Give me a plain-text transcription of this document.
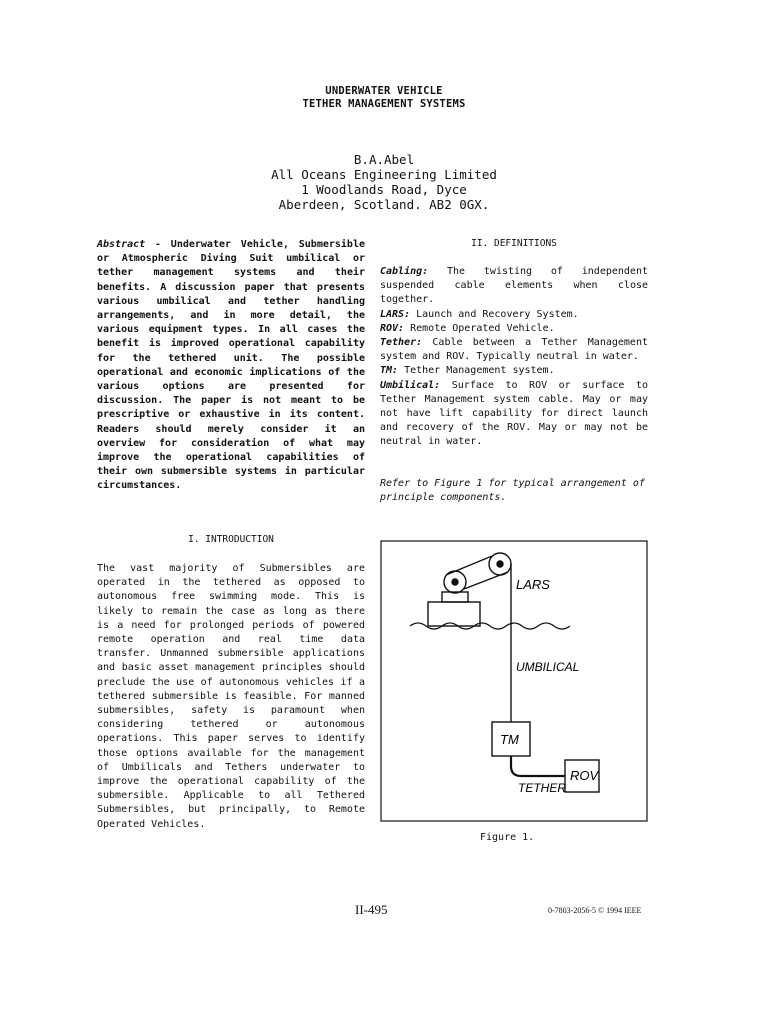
UNDERWATER VEHICLE
TETHER MANAGEMENT SYSTEMS
B.A.Abel
All Oceans Engineering Limited
1 Woodlands Road, Dyce
Aberdeen, Scotland. AB2 0GX.
Abstract - Underwater Vehicle, Submersible or Atmospheric Diving Suit umbilical or tether management systems and their benefits. A discussion paper that presents various umbilical and tether handling arrangements, and in more detail, the various equipment types. In all cases the benefit is improved operational capability for the tethered unit. The possible operational and economic implications of the various options are presented for discussion. The paper is not meant to be prescriptive or exhaustive in its content. Readers should merely consider it an overview for consideration of what may improve the operational capabilities of their own submersible systems in particular circumstances.
I. INTRODUCTION
The vast majority of Submersibles are operated in the tethered as opposed to autonomous free swimming mode. This is likely to remain the case as long as there is a need for prolonged periods of powered remote operation and real time data transfer. Unmanned submersible applications and basic asset management principles should preclude the use of autonomous vehicles if a tethered submersible is feasible. For manned submersibles, safety is paramount when considering tethered or autonomous operations. This paper serves to identify those options available for the management of Umbilicals and Tethers underwater to improve the operational capability of the submersible. Applicable to all Tethered Submersibles, but principally, to Remote Operated Vehicles.
II. DEFINITIONS

Cabling: The twisting of independent suspended cable elements when close together.

LARS: Launch and Recovery System.

ROV: Remote Operated Vehicle.

Tether: Cable between a Tether Management system and ROV. Typically neutral in water.

TM: Tether Management system.

Umbilical: Surface to ROV or surface to Tether Management system cable. May or may not have lift capability for direct launch and recovery of the ROV. May or may not be neutral in water.

Refer to Figure 1 for typical arrangement of principle components.
LARS
UMBILICAL
TM
TETHER
ROV
Figure 1.
II-495	0-7803-2056-5 © 1994 IEEE
